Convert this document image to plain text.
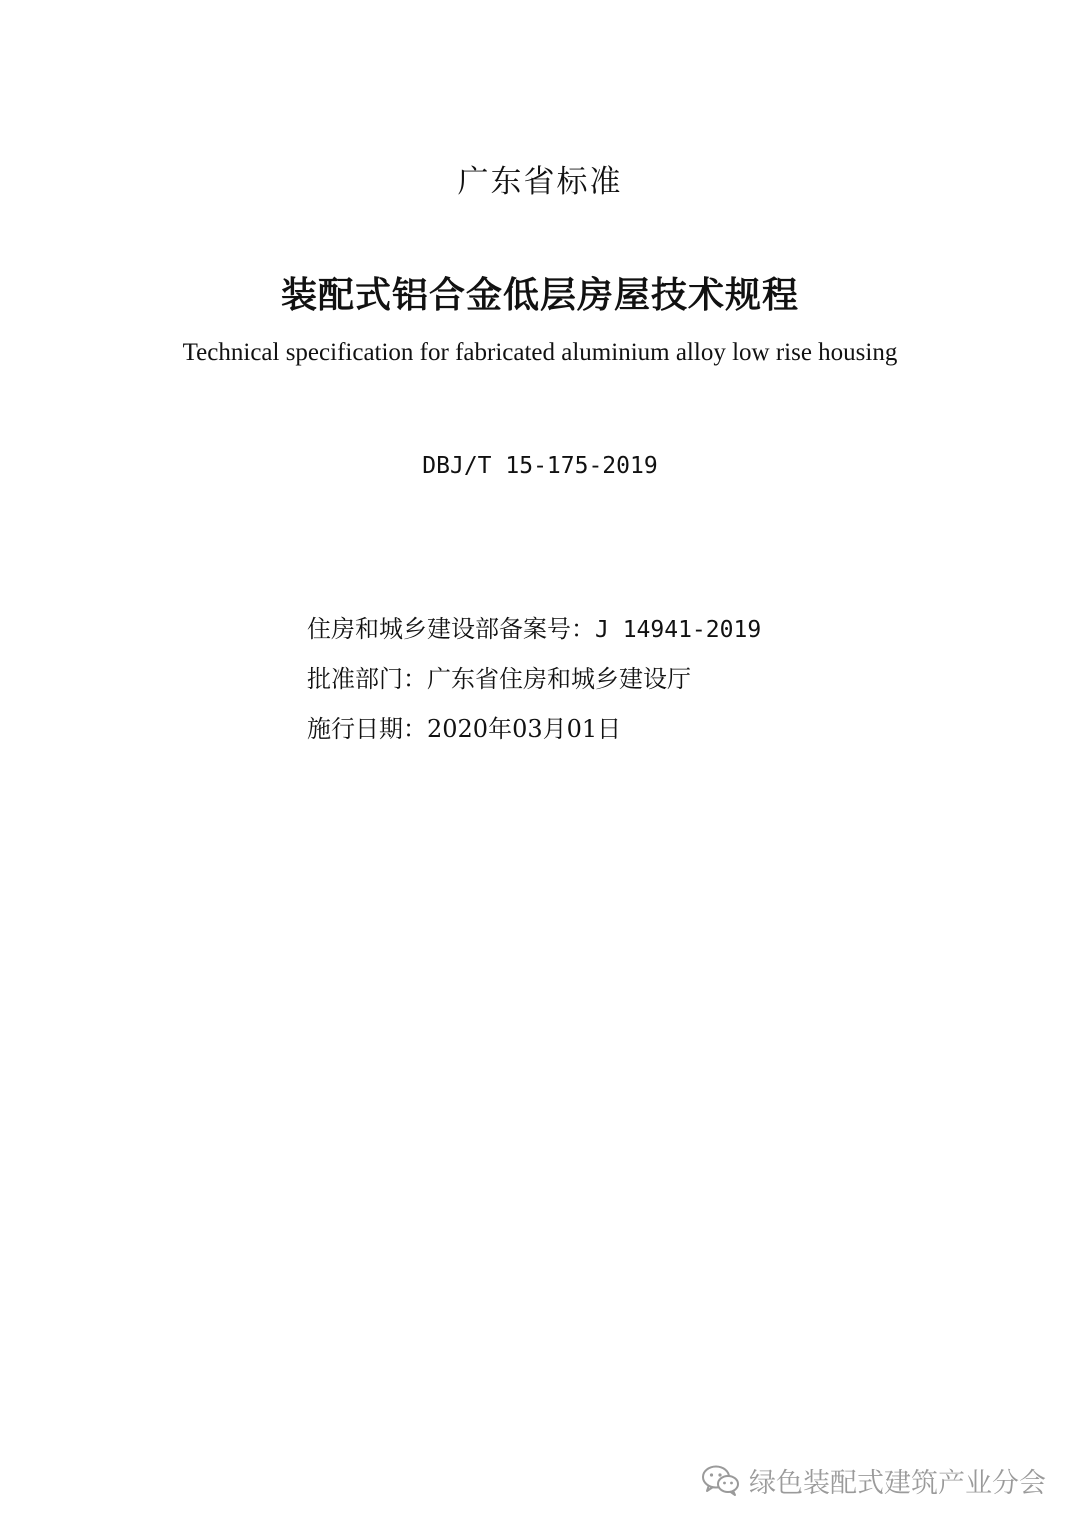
广东省标准
装配式铝合金低层房屋技术规程
Technical specification for fabricated aluminium alloy low rise housing
DBJ/T 15-175-2019
住房和城乡建设部备案号：J 14941-2019
批准部门：广东省住房和城乡建设厅
施行日期：2020年03月01日
绿色装配式建筑产业分会
